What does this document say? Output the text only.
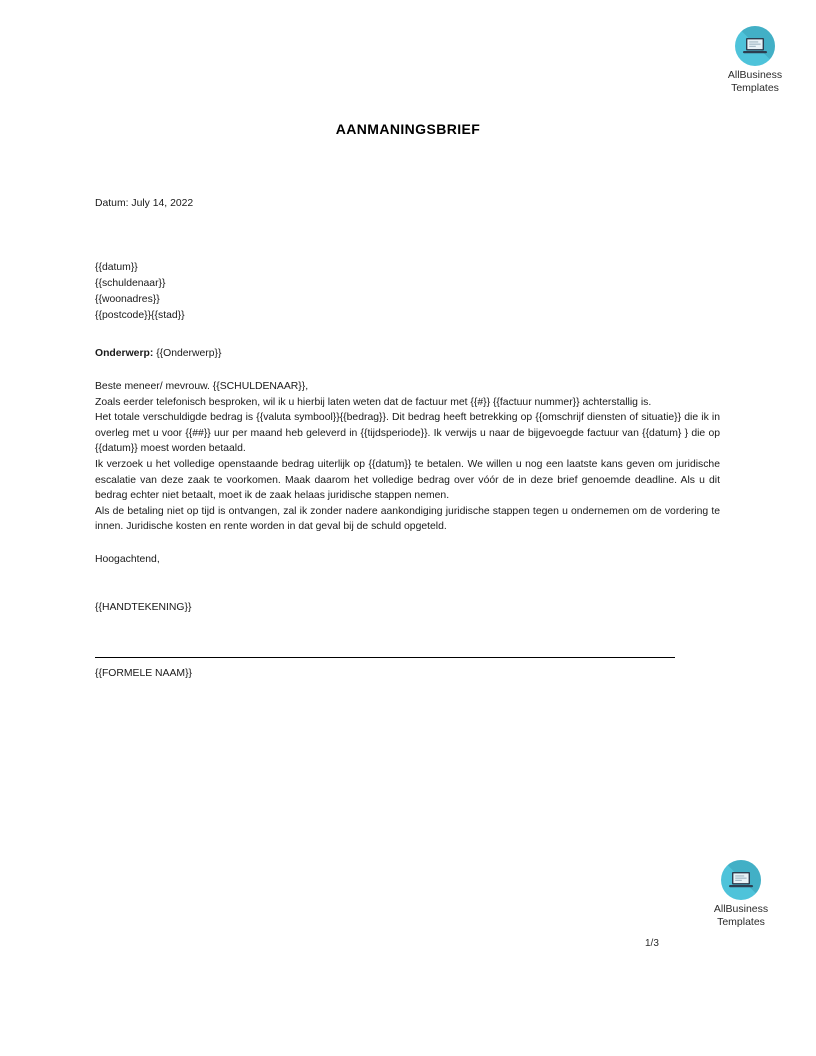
AllBusiness
Templates
AANMANINGSBRIEF
Datum: July 14, 2022
{{datum}}
{{schuldenaar}}
{{woonadres}}
{{postcode}}{{stad}}
Onderwerp: {{Onderwerp}}
Beste meneer/ mevrouw. {{SCHULDENAAR}},

Zoals eerder telefonisch besproken, wil ik u hierbij laten weten dat de factuur met {{#}} {{factuur nummer}} achterstallig is.

Het totale verschuldigde bedrag is {{valuta symbool}}{{bedrag}}. Dit bedrag heeft betrekking op {{omschrijf diensten of situatie}} die ik in overleg met u voor {{##}} uur per maand heb geleverd in {{tijdsperiode}}. Ik verwijs u naar de bijgevoegde factuur van {{datum} } die op {{datum}} moest worden betaald.

Ik verzoek u het volledige openstaande bedrag uiterlijk op {{datum}} te betalen. We willen u nog een laatste kans geven om juridische escalatie van deze zaak te voorkomen. Maak daarom het volledige bedrag over vóór de in deze brief genoemde deadline. Als u dit bedrag echter niet betaalt, moet ik de zaak helaas juridische stappen nemen.

Als de betaling niet op tijd is ontvangen, zal ik zonder nadere aankondiging juridische stappen tegen u ondernemen om de vordering te innen. Juridische kosten en rente worden in dat geval bij de schuld opgeteld.

Hoogachtend,
{{HANDTEKENING}}
{{FORMELE NAAM}}
AllBusiness
Templates
1/3
